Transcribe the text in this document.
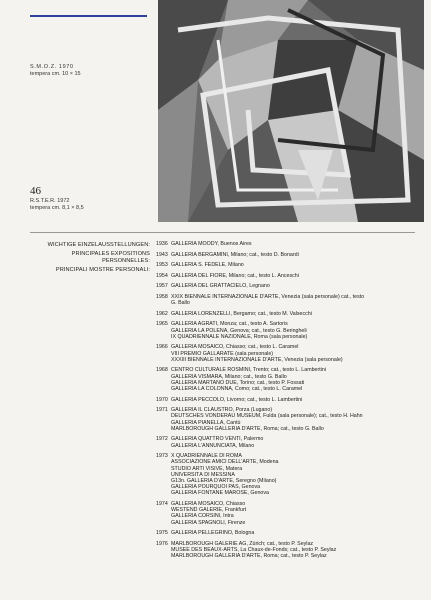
S.M.O.Z. 1970
tempera cm. 10 × 15
46
R.S.T.E.R. 1972
tempera cm. 8,1 × 8,5
WICHTIGE EINZELAUSSTELLUNGEN:
PRINCIPALES EXPOSITIONS
PERSONNELLES:
PRINCIPALI MOSTRE PERSONALI:
1936 GALLERIA MOODY, Buenos Aires
1943 GALLERIA BERGAMINI, Milano; cat., testo D. Bonardi
1953 GALLERIA S. FEDELE, Milano
1954 GALLERIA DEL FIORE, Milano; cat., testo L. Anceschi
1957 GALLERIA DEL GRATTACIELO, Legnano
1958 XXIX BIENNALE INTERNAZIONALE D'ARTE, Venezia (sala personale) cat., testo
G. Ballo
1962 GALLERIA LORENZELLI, Bergamo; cat., testo M. Valsecchi
1965 GALLERIA AGRATI, Monza; cat., testo A. Sartoris
GALLERIA LA POLENA, Genova; cat., testo G. Beringheli
IX QUADRIENNALE NAZIONALE, Roma (sala personale)
1966 GALLERIA MOSAICO, Chiasso; cat., testo L. Caramel
VIII PREMIO GALLARATE (sala personale)
XXXIII BIENNALE INTERNAZIONALE D'ARTE, Venezia (sala personale)
1968 CENTRO CULTURALE ROSMINI, Trento; cat., testo L. Lambertini
GALLERIA VISMARA, Milano; cat., testo G. Ballo
GALLERIA MARTANO DUE, Torino; cat., testo P. Fossati
GALLERIA LA COLONNA, Como; cat., testo L. Caramel
1970 GALLERIA PECCOLO, Livorno; cat., testo L. Lambertini
1971 GALLERIA IL CLAUSTRO, Porza (Lugano)
DEUTSCHES VONDERAU MUSEUM, Fulda (sala personale); cat., testo H. Hahn
GALLERIA PIANELLA, Cantù
MARLBOROUGH GALLERIA D'ARTE, Roma; cat., testo G. Ballo
1972 GALLERIA QUATTRO VENTI, Palermo
GALLERIA L'ANNUNCIATA, Milano
1973 X QUADRIENNALE DI ROMA
ASSOCIAZIONE AMICI DELL'ARTE, Modena
STUDIO ARTI VISIVE, Matera
UNIVERSITÀ DI MESSINA
G13n. GALLERIA D'ARTE, Seregno (Milano)
GALLERIA POURQUOI PAS, Genova
GALLERIA FONTANE MAROSE, Genova
1974 GALLERIA MOSAICO, Chiasso
WESTEND GALERIE, Frankfurt
GALLERIA CORSINI, Intra
GALLERIA SPAGNOLI, Firenze
1975 GALLERIA PELLEGRINO, Bologna
1976 MARLBOROUGH GALERIE AG, Zürich; cat., testo P. Seylaz
MUSÉE DES BEAUX-ARTS, La Chaux-de-Fonds; cat., testo P. Seylaz
MARLBOROUGH GALLERIA D'ARTE, Roma; cat., testo P. Seylaz
